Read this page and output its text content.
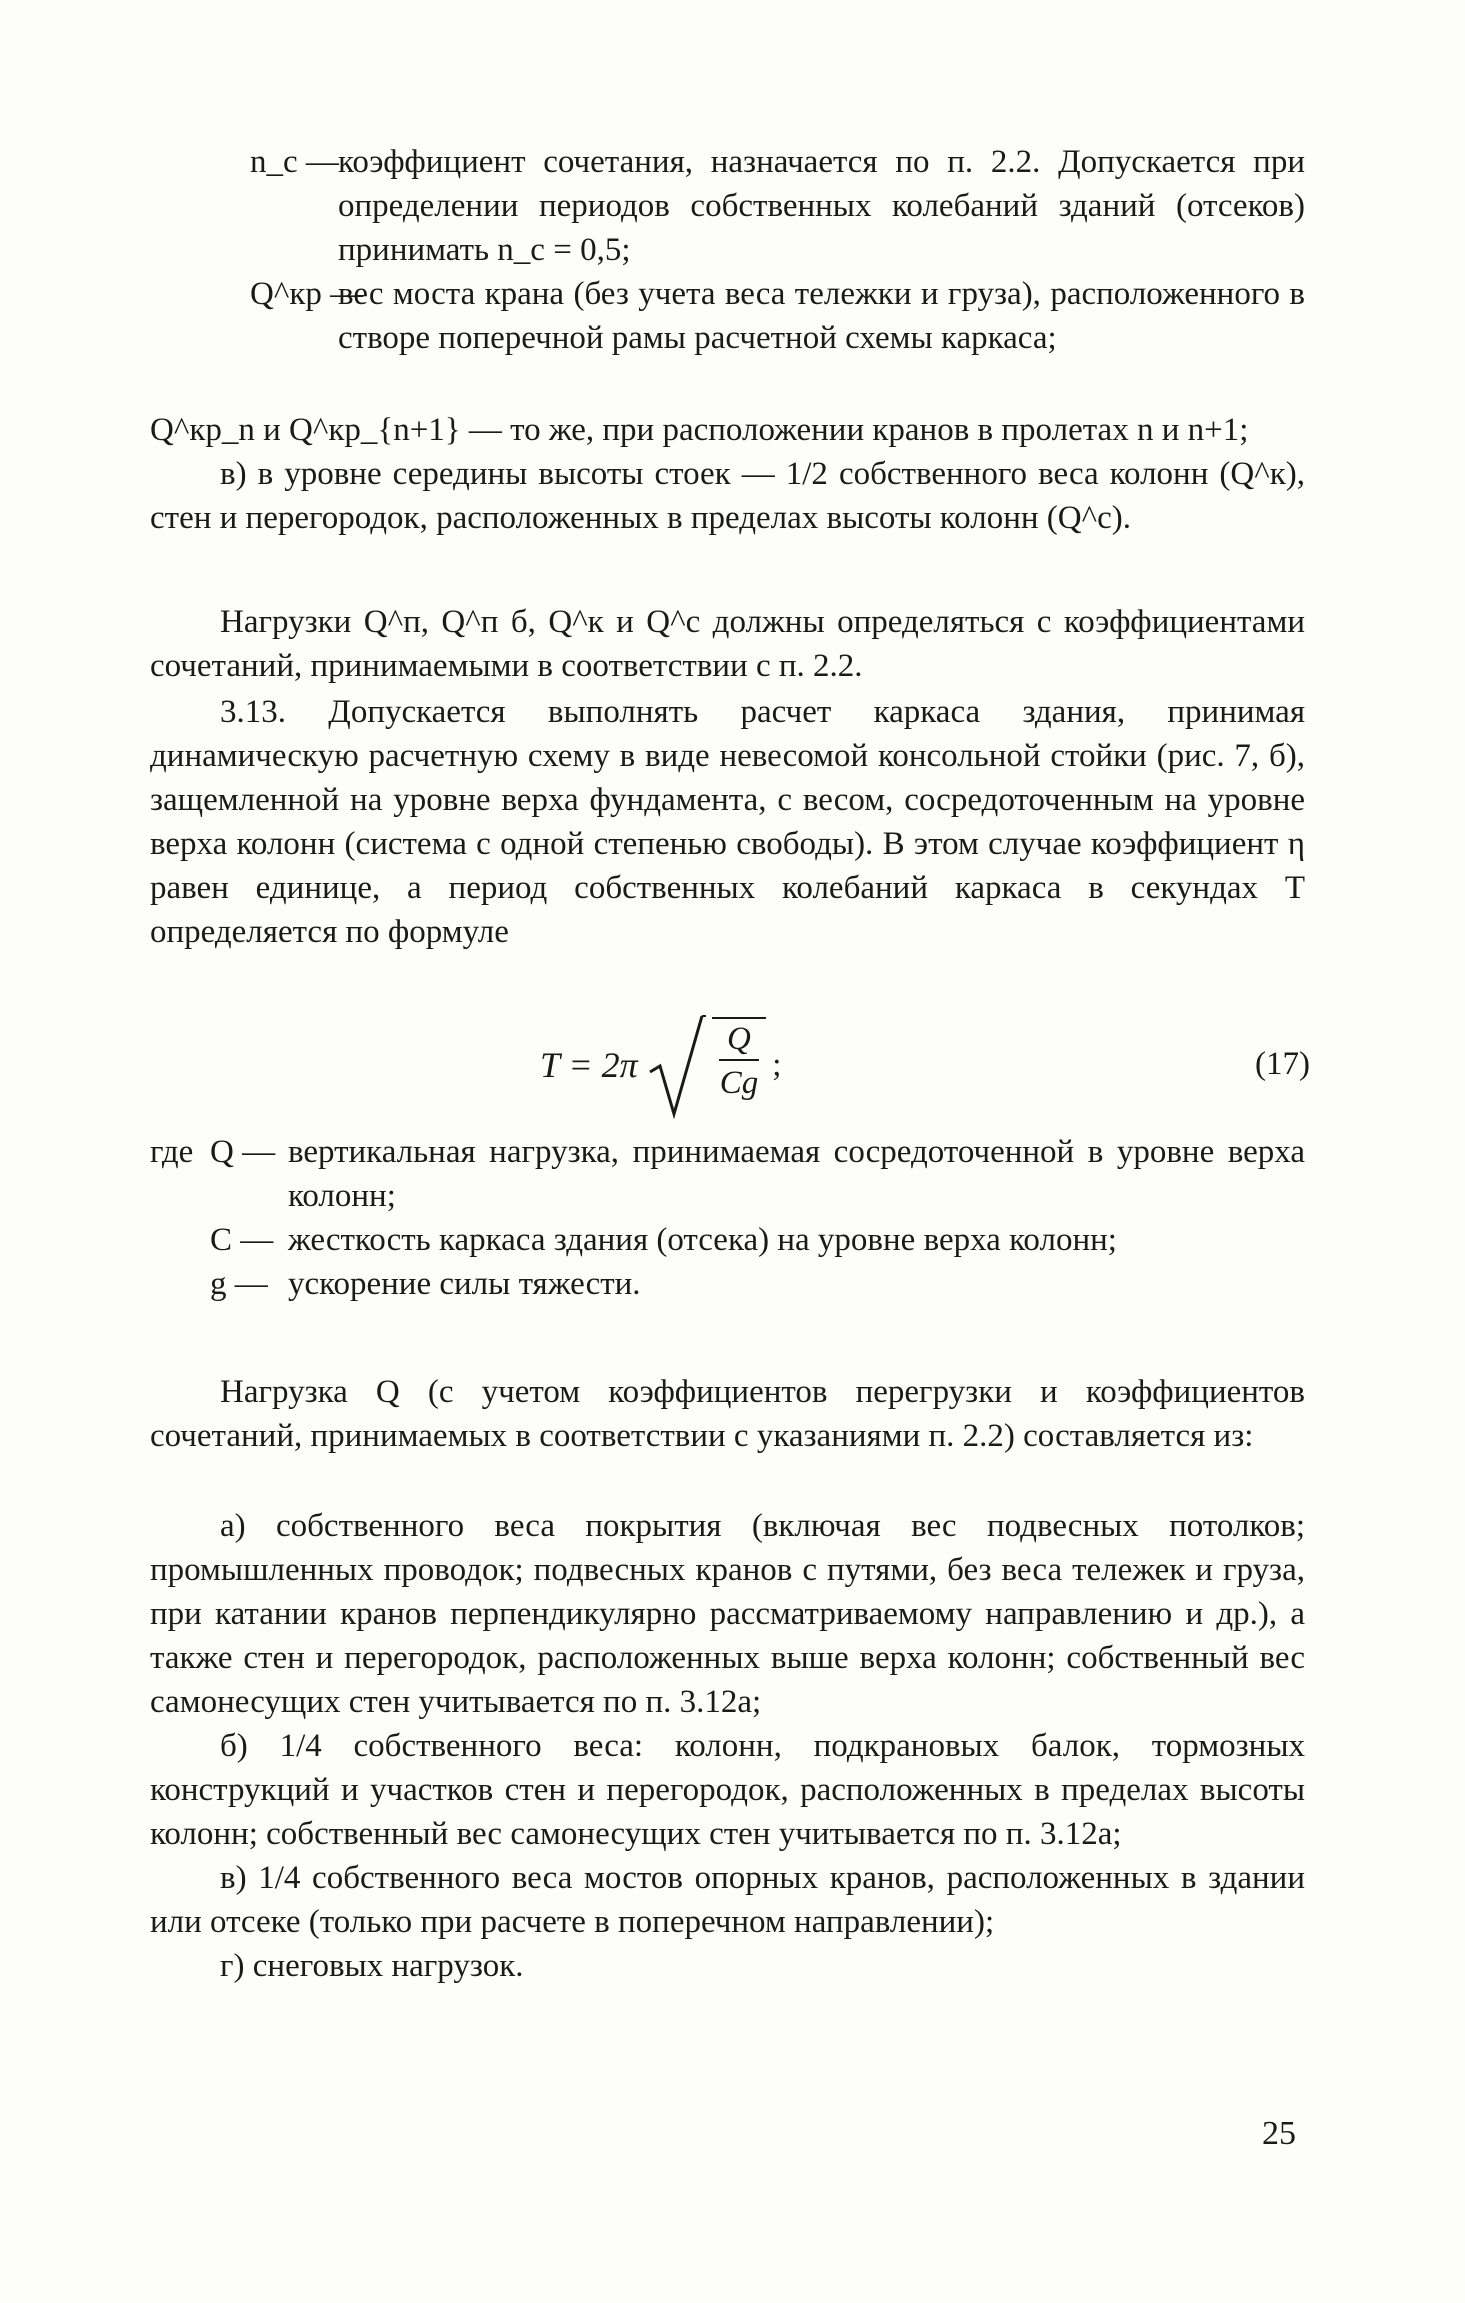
n_c — коэффициент сочетания, назначается по п. 2.2. Допускается при определении периодов собственных колебаний зданий (отсеков) принимать n_c = 0,5;
Q^кр —
вес моста крана (без учета веса тележки и груза), расположенного в створе поперечной рамы расчетной схемы каркаса;

Q^кр_n и Q^кр_{n+1} — то же, при расположении кранов в пролетах n и n+1;

в) в уровне середины высоты стоек — 1/2 собственного веса колонн (Q^к), стен и перегородок, расположенных в пределах высоты колонн (Q^с).

Нагрузки Q^п, Q^п б, Q^к и Q^с должны определяться с коэффициентами сочетаний, принимаемыми в соответствии с п. 2.2.

3.13. Допускается выполнять расчет каркаса здания, принимая динамическую расчетную схему в виде невесомой консольной стойки (рис. 7, б), защемленной на уровне верха фундамента, с весом, сосредоточенным на уровне верха колонн (система с одной степенью свободы). В этом случае коэффициент η равен единице, а период собственных колебаний каркаса в секундах T определяется по формуле

$T = 2\pi \frac{Q}{Cg}$ ;	(17)
где Q — вертикальная нагрузка, принимаемая сосредоточенной в уровне верха колонн;
C — жесткость каркаса здания (отсека) на уровне верха колонн;
g — ускорение силы тяжести.

Нагрузка Q (с учетом коэффициентов перегрузки и коэффициентов сочетаний, принимаемых в соответствии с указаниями п. 2.2) составляется из:

а) собственного веса покрытия (включая вес подвесных потолков; промышленных проводок; подвесных кранов с путями, без веса тележек и груза, при катании кранов перпендикулярно рассматриваемому направлению и др.), а также стен и перегородок, расположенных выше верха колонн; собственный вес самонесущих стен учитывается по п. 3.12а;

б) 1/4 собственного веса: колонн, подкрановых балок, тормозных конструкций и участков стен и перегородок, расположенных в пределах высоты колонн; собственный вес самонесущих стен учитывается по п. 3.12а;

в) 1/4 собственного веса мостов опорных кранов, расположенных в здании или отсеке (только при расчете в поперечном направлении);

г) снеговых нагрузок.

25
